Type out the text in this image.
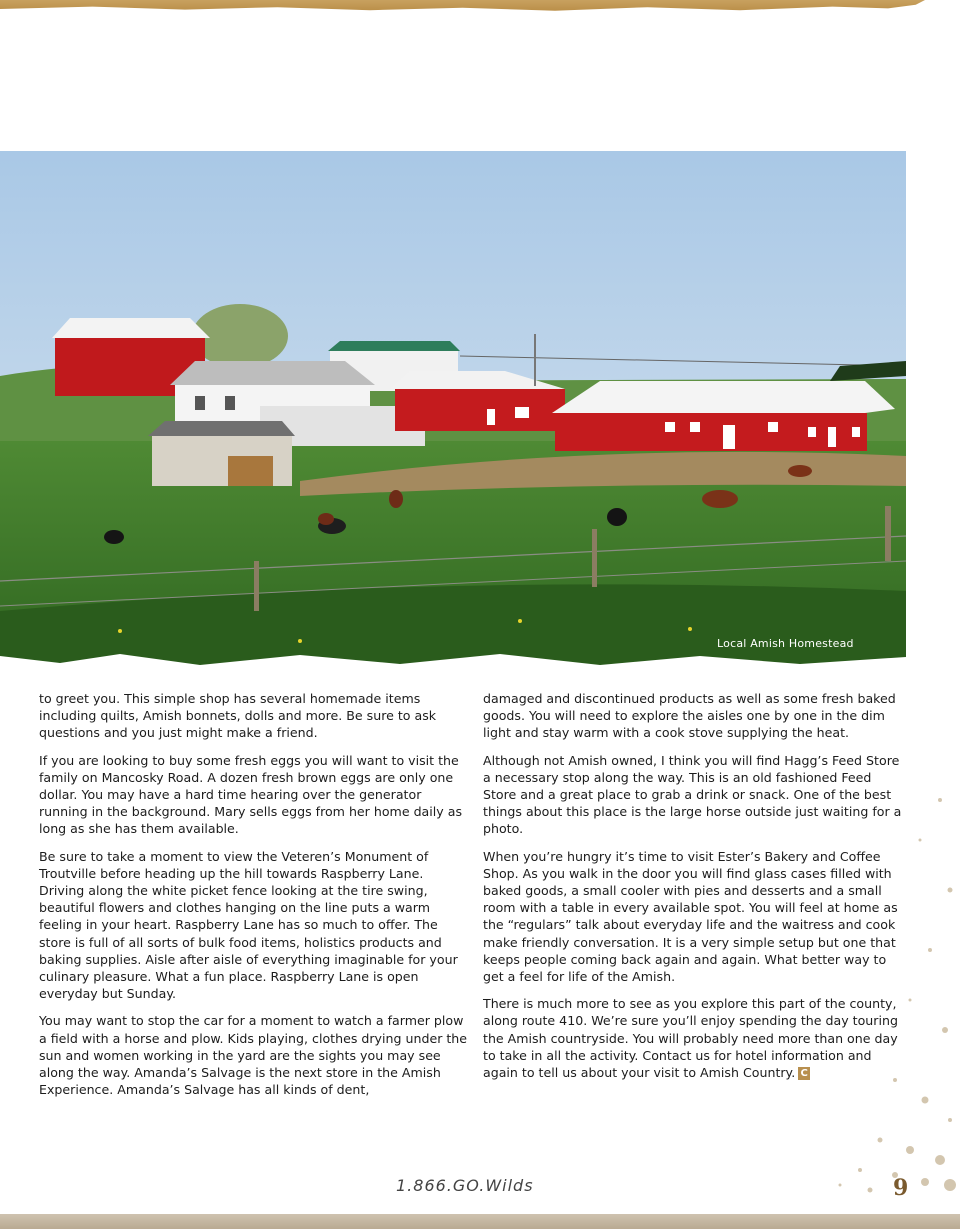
Local Amish Homestead

to greet you. This simple shop has several homemade items including quilts, Amish bonnets, dolls and more. Be sure to ask questions and you just might make a friend.

If you are looking to buy some fresh eggs you will want to visit the family on Mancosky Road. A dozen fresh brown eggs are only one dollar. You may have a hard time hearing over the generator running in the background. Mary sells eggs from her home daily as long as she has them available.

Be sure to take a moment to view the Veteren’s Monument of Troutville before heading up the hill towards Raspberry Lane. Driving along the white picket fence looking at the tire swing, beautiful flowers and clothes hanging on the line puts a warm feeling in your heart. Raspberry Lane has so much to offer. The store is full of all sorts of bulk food items, holistics products and baking supplies. Aisle after aisle of everything imaginable for your culinary pleasure. What a fun place. Raspberry Lane is open everyday but Sunday.

You may want to stop the car for a moment to watch a farmer plow a field with a horse and plow. Kids playing, clothes drying under the sun and women working in the yard are the sights you may see along the way. Amanda’s Salvage is the next store in the Amish Experience. Amanda’s Salvage has all kinds of dent,

damaged and discontinued products as well as some fresh baked goods. You will need to explore the aisles one by one in the dim light and stay warm with a cook stove supplying the heat.

Although not Amish owned, I think you will find Hagg’s Feed Store a necessary stop along the way. This is an old fashioned Feed Store and a great place to grab a drink or snack. One of the best things about this place is the large horse outside just waiting for a photo.

When you’re hungry it’s time to visit Ester’s Bakery and Coffee Shop. As you walk in the door you will find glass cases filled with baked goods, a small cooler with pies and desserts and a small room with a table in every available spot. You will feel at home as the “regulars” talk about everyday life and the waitress and cook make friendly conversation. It is a very simple setup but one that keeps people coming back again and again. What better way to get a feel for life of the Amish.

There is much more to see as you explore this part of the county, along route 410. We’re sure you’ll enjoy spending the day touring the Amish countryside. You will probably need more than one day to take in all the activity. Contact us for hotel information and again to tell us about your visit to Amish Country. C

1.866.GO.Wilds	9
